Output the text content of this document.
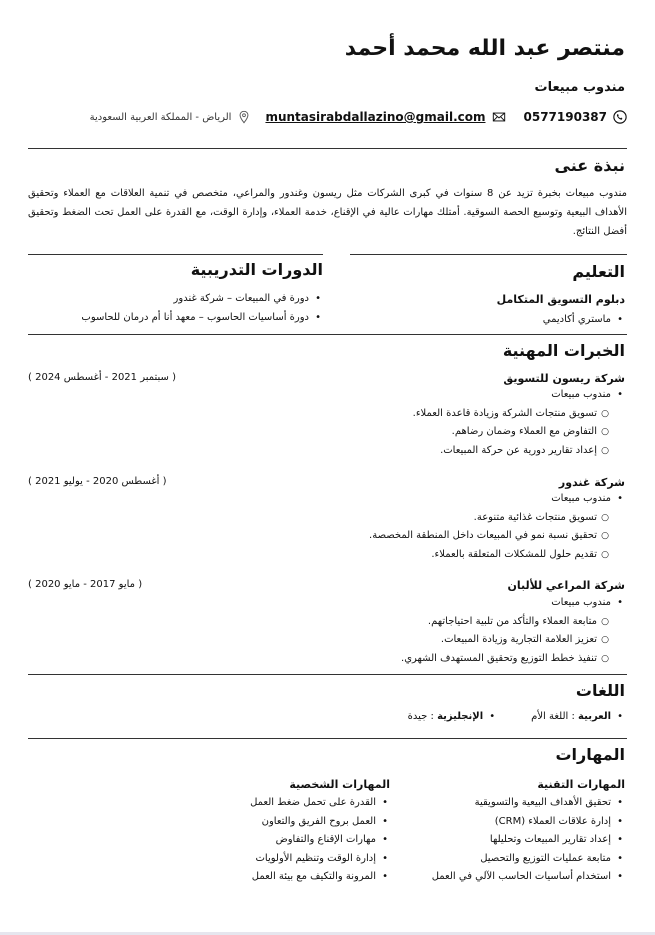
منتصر عبد الله محمد أحمد
مندوب مبيعات
0577190387
muntasirabdallazino@gmail.com
الرياض - المملكة العربية السعودية
نبذة عنى
مندوب مبيعات بخبرة تزيد عن 8 سنوات في كبرى الشركات مثل ريسون وغندور والمراعي، متخصص في تنمية العلاقات مع العملاء وتحقيق الأهداف البيعية وتوسيع الحصة السوقية. أمتلك مهارات عالية في الإقناع، خدمة العملاء، وإدارة الوقت، مع القدرة على العمل تحت الضغط وتحقيق أفضل النتائج.
التعليم
دبلوم التسويق المتكامل
• ماستري أكاديمي
الدورات التدريبية
• دورة في المبيعات – شركة غندور
• دورة أساسيات الحاسوب – معهد أنا أم درمان للحاسوب
الخبرات المهنية
شركة ريسون للتسويق
( سبتمبر 2021 - أغسطس 2024 )
• مندوب مبيعات
○ تسويق منتجات الشركة وزيادة قاعدة العملاء.
○ التفاوض مع العملاء وضمان رضاهم.
○ إعداد تقارير دورية عن حركة المبيعات.
شركة غندور
( أغسطس 2020 - يوليو 2021 )
• مندوب مبيعات
○ تسويق منتجات غذائية متنوعة.
○ تحقيق نسبة نمو في المبيعات داخل المنطقة المخصصة.
○ تقديم حلول للمشكلات المتعلقة بالعملاء.
شركة المراعي للألبان
( مايو 2017 - مايو 2020 )
• مندوب مبيعات
○ متابعة العملاء والتأكد من تلبية احتياجاتهم.
○ تعزيز العلامة التجارية وزيادة المبيعات.
○ تنفيذ خطط التوزيع وتحقيق المستهدف الشهري.
اللغات
• العربية : اللغة الأم
• الإنجليزية : جيدة
المهارات
المهارات التقنية
• تحقيق الأهداف البيعية والتسويقية
• إدارة علاقات العملاء (CRM)
• إعداد تقارير المبيعات وتحليلها
• متابعة عمليات التوزيع والتحصيل
• استخدام أساسيات الحاسب الآلي في العمل
المهارات الشخصية
• القدرة على تحمل ضغط العمل
• العمل بروح الفريق والتعاون
• مهارات الإقناع والتفاوض
• إدارة الوقت وتنظيم الأولويات
• المرونة والتكيف مع بيئة العمل
